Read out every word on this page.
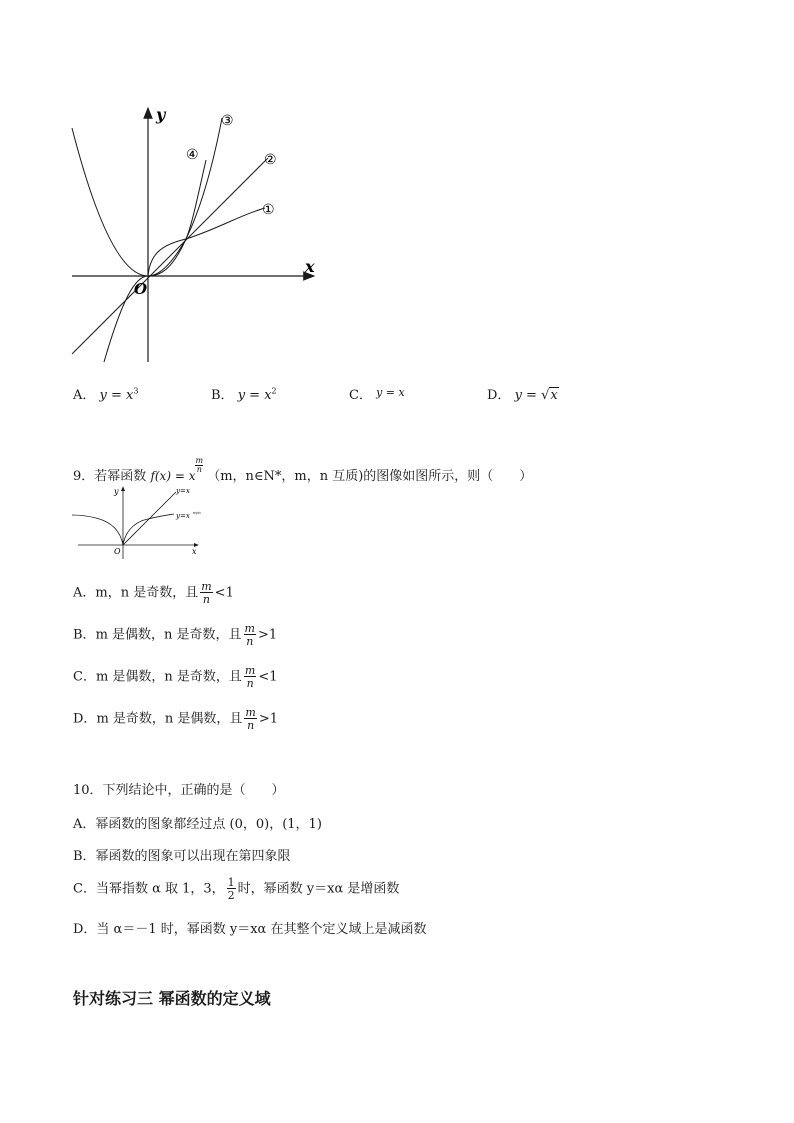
y
x
O
①
②
③
④
A． $y = x^3$	B． $y = x^2$	C． $^{y = x}$	D． y = √x
9．若幂函数 f(x) = x
$\frac{m}{n}$
（m，n∈N*，m，n 互质)的图像如图所示，则（　　）
y
x
O
y=x
y=x m/n
A．m，n 是奇数，且 $\frac{m}{n} <1$
B．m 是偶数，n 是奇数，且 $\frac{m}{n} >1$
C．m 是偶数，n 是奇数，且 $\frac{m}{n} <1$
D．m 是奇数，n 是偶数，且 $\frac{m}{n} >1$
10．下列结论中，正确的是（　　）
A．幂函数的图象都经过点 (0，0)，(1，1)
B．幂函数的图象可以出现在第四象限
C．当幂指数 α 取 1，3， $\frac{1}{2}$ 时，幂函数 y＝xα 是增函数
D．当 α＝－1 时，幂函数 y＝xα 在其整个定义域上是减函数
针对练习三 幂函数的定义域
